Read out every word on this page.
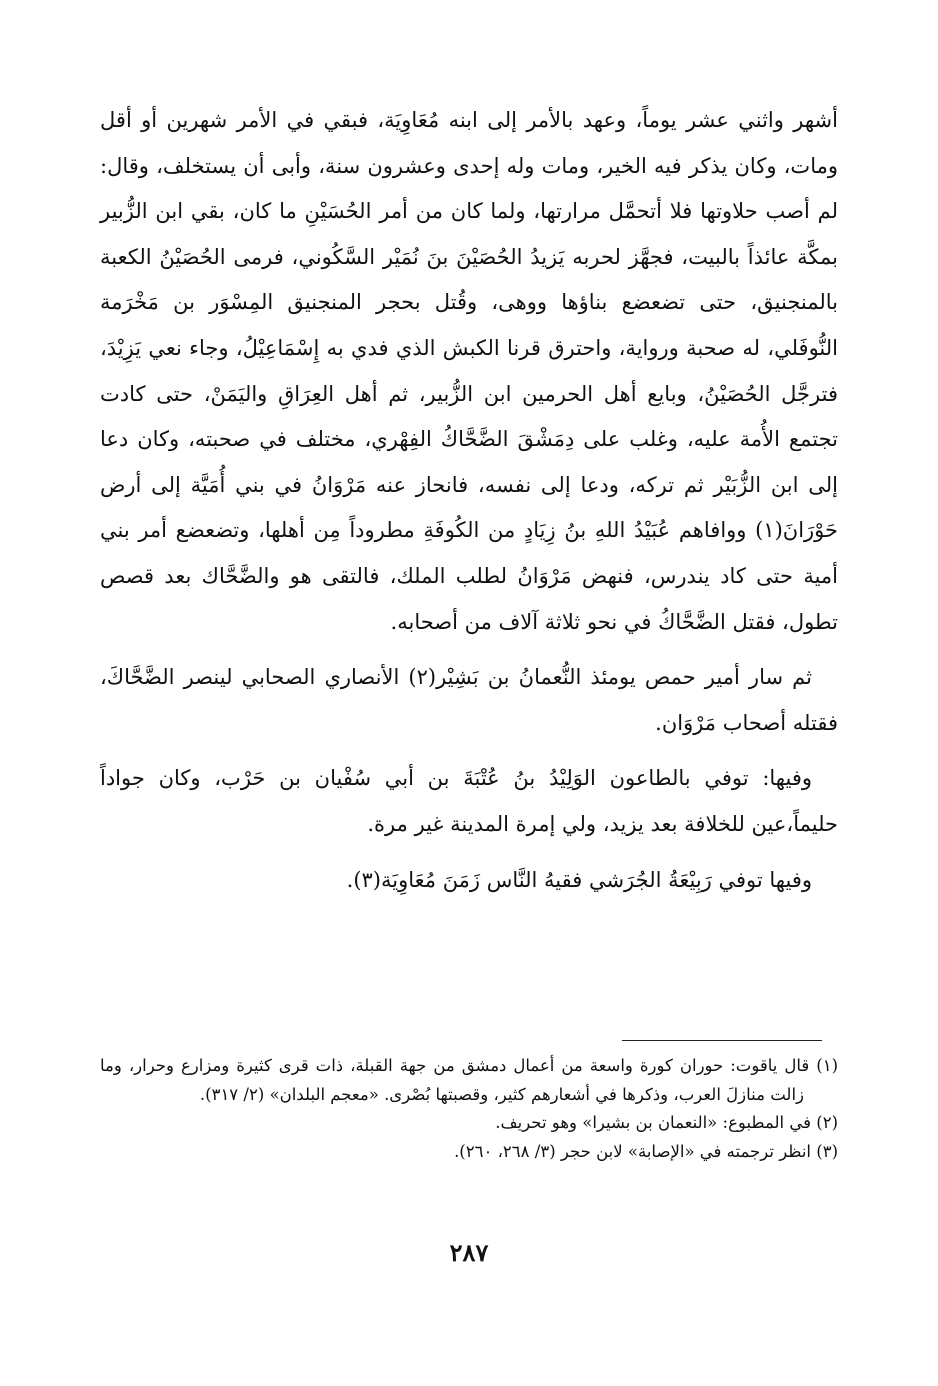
أشهر واثني عشر يوماً، وعهد بالأمر إلى ابنه مُعَاوِيَة، فبقي في الأمر شهرين أو أقل ومات، وكان يذكر فيه الخير، ومات وله إحدى وعشرون سنة، وأبى أن يستخلف، وقال: لم أصب حلاوتها فلا أتحمَّل مرارتها، ولما كان من أمر الحُسَيْنِ ما كان، بقي ابن الزُّبير بمكَّة عائذاً بالبيت، فجهَّز لحربه يَزيدُ الحُصَيْنَ بنَ نُمَيْر السَّكُوني، فرمى الحُصَيْنُ الكعبة بالمنجنيق، حتى تضعضع بناؤها ووهى، وقُتل بحجر المنجنيق المِسْوَر بن مَخْرَمة النُّوفَلي، له صحبة ورواية، واحترق قرنا الكبش الذي فدي به إِسْمَاعِيْلُ، وجاء نعي يَزِيْدَ، فترجَّل الحُصَيْنُ، وبايع أهل الحرمين ابن الزُّبير، ثم أهل العِرَاقِ واليَمَنْ، حتى كادت تجتمع الأُمة عليه، وغلب على دِمَشْقَ الضَّحَّاكُ الفِهْري، مختلف في صحبته، وكان دعا إلى ابن الزُّبَيْر ثم تركه، ودعا إلى نفسه، فانحاز عنه مَرْوَانُ في بني أُمَيَّة إلى أرض حَوْرَانَ(١) ووافاهم عُبَيْدُ اللهِ بنُ زِيَادٍ من الكُوفَةِ مطروداً مِن أهلها، وتضعضع أمر بني أمية حتى كاد يندرس، فنهض مَرْوَانُ لطلب الملك، فالتقى هو والضَّحَّاك بعد قصص تطول، فقتل الضَّحَّاكُ في نحو ثلاثة آلاف من أصحابه.

ثم سار أمير حمص يومئذ النُّعمانُ بن بَشِيْر(٢) الأنصاري الصحابي لينصر الضَّحَّاكَ، فقتله أصحاب مَرْوَان.

وفيها: توفي بالطاعون الوَلِيْدُ بنُ عُتْبَةَ بن أبي سُفْيان بن حَرْب، وكان جواداً حليماً،عين للخلافة بعد يزيد، ولي إمرة المدينة غير مرة.

وفيها توفي رَبِيْعَةُ الجُرَشي فقيهُ النَّاس زَمَنَ مُعَاوِيَة(٣).

(١) قال ياقوت: حوران كورة واسعة من أعمال دمشق من جهة القبلة، ذات قرى كثيرة ومزارع وحرار، وما زالت منازلَ العرب، وذكرها في أشعارهم كثير، وقصبتها بُصْرى. «معجم البلدان» (٢/ ٣١٧).

(٢) في المطبوع: «النعمان بن بشيرا» وهو تحريف.

(٣) انظر ترجمته في «الإصابة» لابن حجر (٣/ ٢٦٨، ٢٦٠).

٢٨٧
